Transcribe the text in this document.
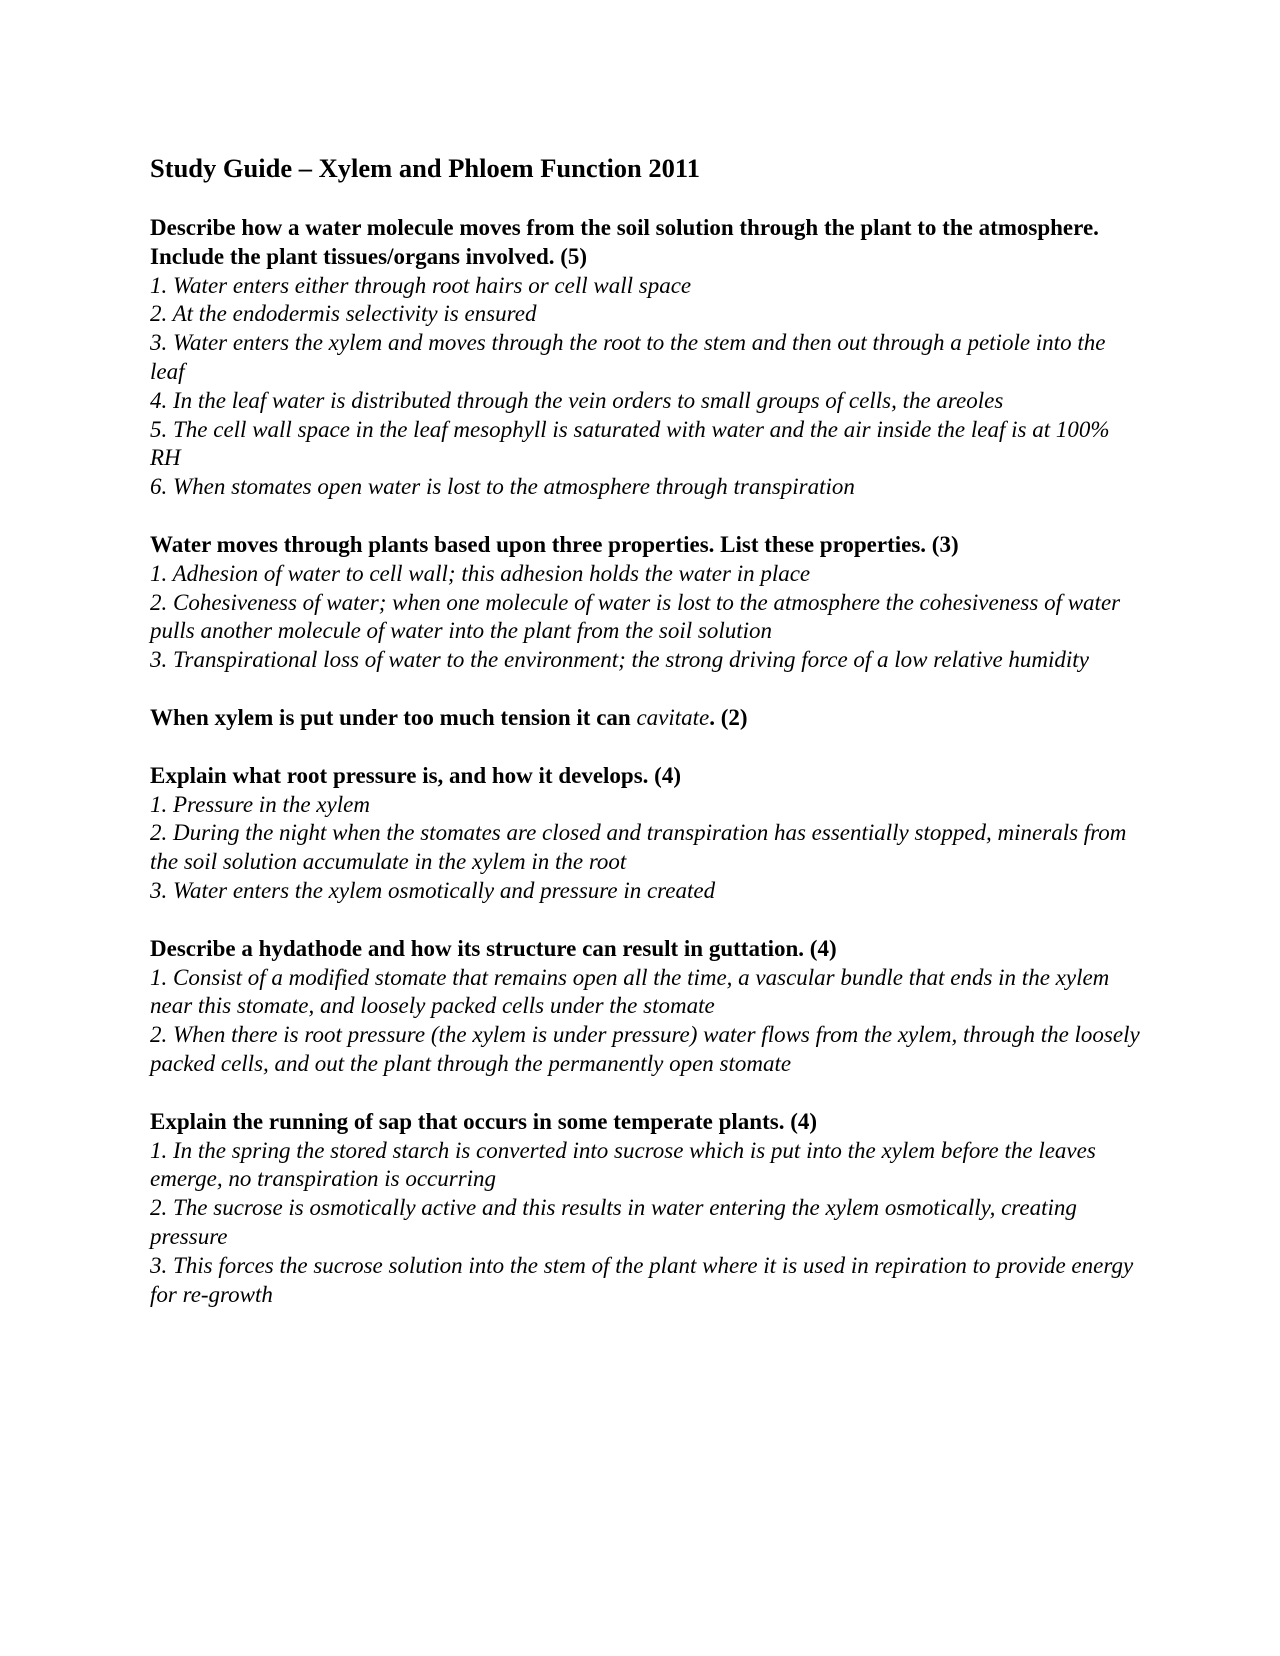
Study Guide – Xylem and Phloem Function 2011

Describe how a water molecule moves from the soil solution through the plant to the atmosphere. Include the plant tissues/organs involved. (5)

1. Water enters either through root hairs or cell wall space

2. At the endodermis selectivity is ensured

3. Water enters the xylem and moves through the root to the stem and then out through a petiole into the leaf

4. In the leaf water is distributed through the vein orders to small groups of cells, the areoles

5. The cell wall space in the leaf mesophyll is saturated with water and the air inside the leaf is at 100% RH

6. When stomates open water is lost to the atmosphere through transpiration

Water moves through plants based upon three properties. List these properties. (3)

1. Adhesion of water to cell wall; this adhesion holds the water in place

2. Cohesiveness of water; when one molecule of water is lost to the atmosphere the cohesiveness of water pulls another molecule of water into the plant from the soil solution

3. Transpirational loss of water to the environment; the strong driving force of a low relative humidity

When xylem is put under too much tension it can cavitate. (2)

Explain what root pressure is, and how it develops. (4)

1. Pressure in the xylem

2. During the night when the stomates are closed and transpiration has essentially stopped, minerals from the soil solution accumulate in the xylem in the root

3. Water enters the xylem osmotically and pressure in created

Describe a hydathode and how its structure can result in guttation. (4)

1. Consist of a modified stomate that remains open all the time, a vascular bundle that ends in the xylem near this stomate, and loosely packed cells under the stomate

2. When there is root pressure (the xylem is under pressure) water flows from the xylem, through the loosely packed cells, and out the plant through the permanently open stomate

Explain the running of sap that occurs in some temperate plants. (4)

1. In the spring the stored starch is converted into sucrose which is put into the xylem before the leaves emerge, no transpiration is occurring

2. The sucrose is osmotically active and this results in water entering the xylem osmotically, creating pressure

3. This forces the sucrose solution into the stem of the plant where it is used in repiration to provide energy for re-growth
